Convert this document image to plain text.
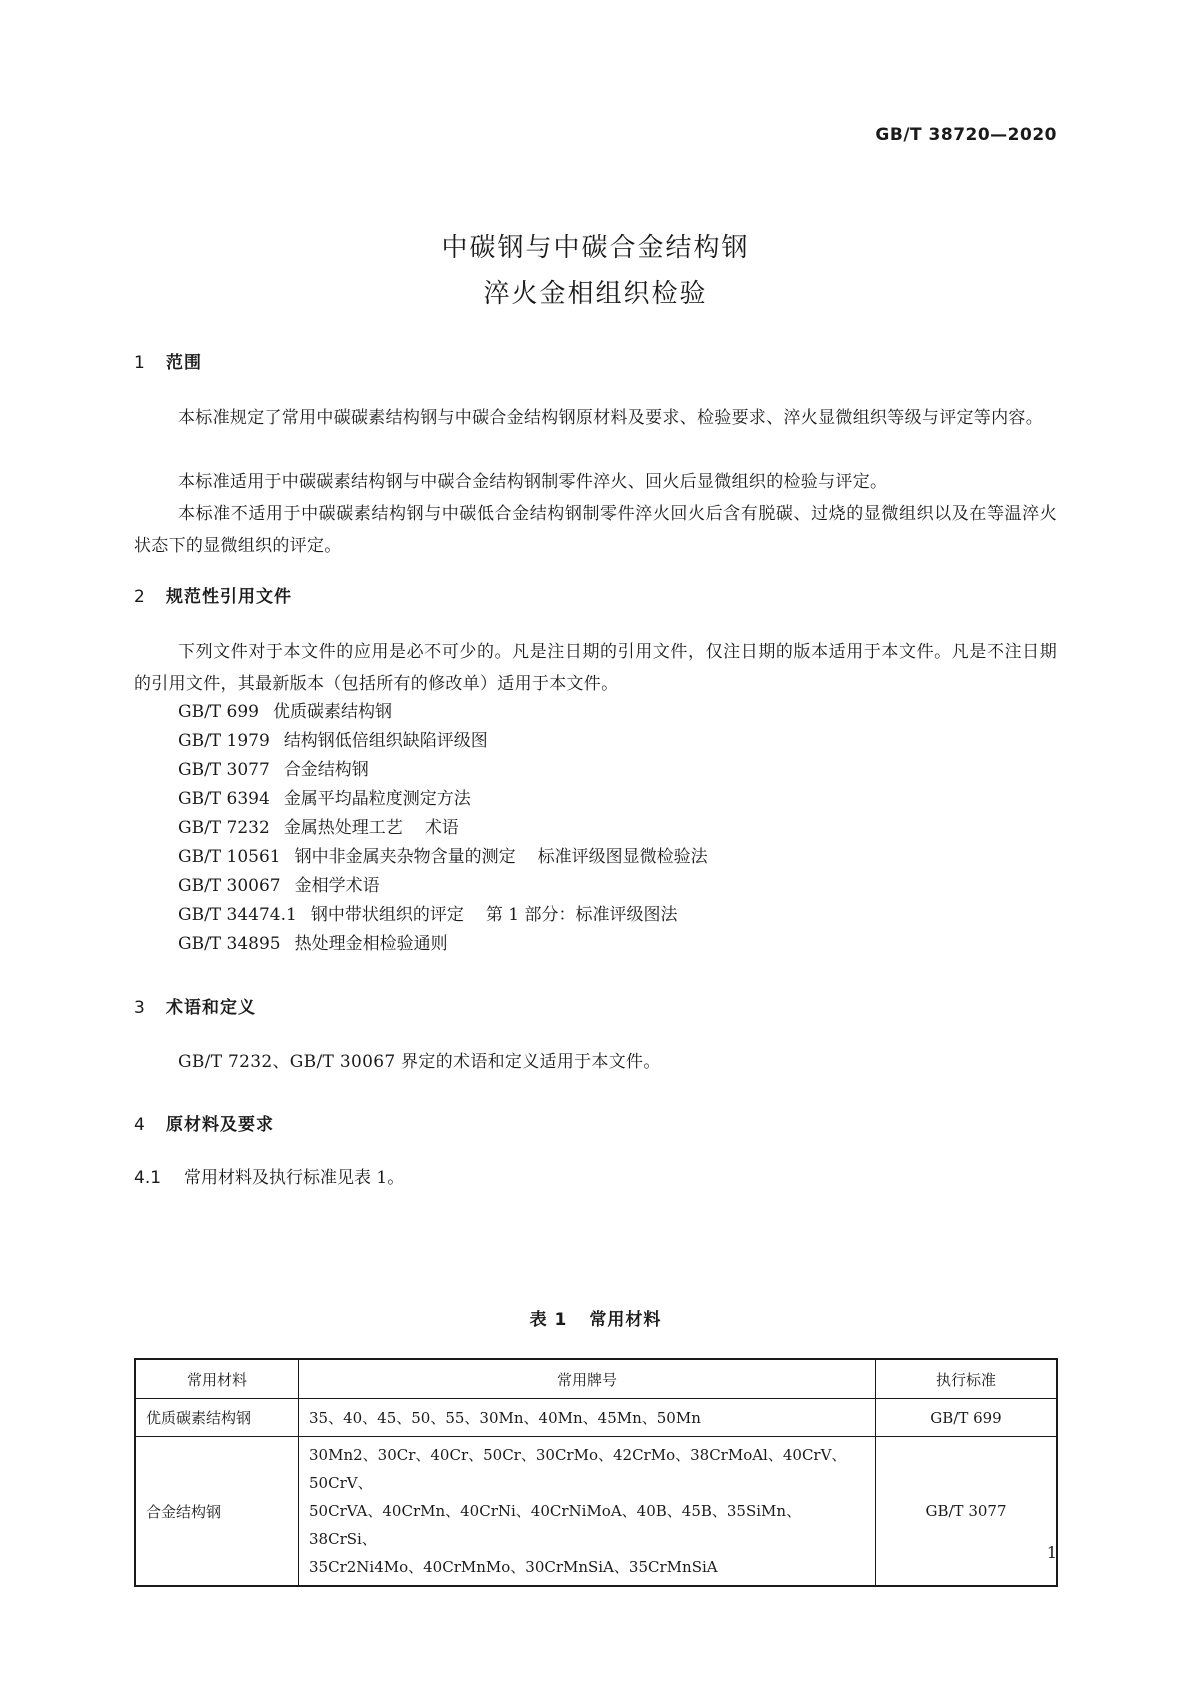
GB/T 38720—2020
中碳钢与中碳合金结构钢
淬火金相组织检验
1 范围
本标准规定了常用中碳碳素结构钢与中碳合金结构钢原材料及要求、检验要求、淬火显微组织等级与评定等内容。
本标准适用于中碳碳素结构钢与中碳合金结构钢制零件淬火、回火后显微组织的检验与评定。
本标准不适用于中碳碳素结构钢与中碳低合金结构钢制零件淬火回火后含有脱碳、过烧的显微组织以及在等温淬火状态下的显微组织的评定。
2 规范性引用文件
下列文件对于本文件的应用是必不可少的。凡是注日期的引用文件，仅注日期的版本适用于本文件。凡是不注日期的引用文件，其最新版本（包括所有的修改单）适用于本文件。
GB/T 699 优质碳素结构钢
GB/T 1979 结构钢低倍组织缺陷评级图
GB/T 3077 合金结构钢
GB/T 6394 金属平均晶粒度测定方法
GB/T 7232 金属热处理工艺 术语
GB/T 10561 钢中非金属夹杂物含量的测定 标准评级图显微检验法
GB/T 30067 金相学术语
GB/T 34474.1 钢中带状组织的评定 第 1 部分：标准评级图法
GB/T 34895 热处理金相检验通则
3 术语和定义
GB/T 7232、GB/T 30067 界定的术语和定义适用于本文件。
4 原材料及要求
4.1 常用材料及执行标准见表 1。
表 1 常用材料
常用材料	常用牌号	执行标准
优质碳素结构钢	35、40、45、50、55、30Mn、40Mn、45Mn、50Mn	GB/T 699
合金结构钢	30Mn2、30Cr、40Cr、50Cr、30CrMo、42CrMo、38CrMoAl、40CrV、50CrV、
50CrVA、40CrMn、40CrNi、40CrNiMoA、40B、45B、35SiMn、38CrSi、
35Cr2Ni4Mo、40CrMnMo、30CrMnSiA、35CrMnSiA	GB/T 3077
1
